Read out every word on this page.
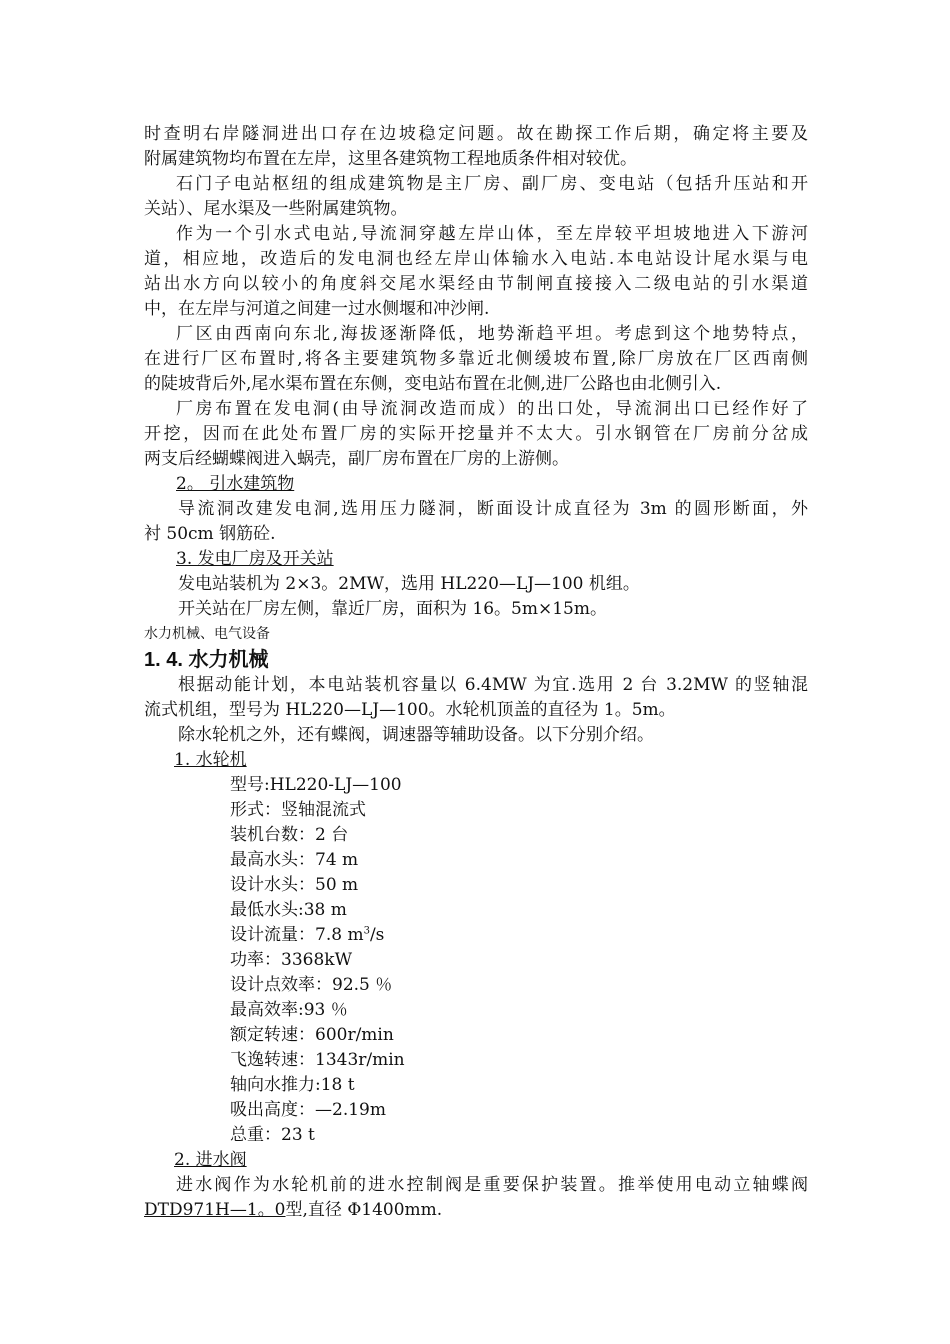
时查明右岸隧洞进出口存在边坡稳定问题。故在勘探工作后期，确定将主要及
附属建筑物均布置在左岸，这里各建筑物工程地质条件相对较优。

石门子电站枢纽的组成建筑物是主厂房、副厂房、变电站（包括升压站和开
关站）、尾水渠及一些附属建筑物。

作为一个引水式电站,导流洞穿越左岸山体，至左岸较平坦坡地进入下游河
道，相应地，改造后的发电洞也经左岸山体输水入电站.本电站设计尾水渠与电
站出水方向以较小的角度斜交尾水渠经由节制闸直接接入二级电站的引水渠道
中，在左岸与河道之间建一过水侧堰和冲沙闸.

厂区由西南向东北,海拔逐渐降低，地势渐趋平坦。考虑到这个地势特点，
在进行厂区布置时,将各主要建筑物多靠近北侧缓坡布置,除厂房放在厂区西南侧
的陡坡背后外,尾水渠布置在东侧，变电站布置在北侧,进厂公路也由北侧引入.

厂房布置在发电洞(由导流洞改造而成）的出口处，导流洞出口已经作好了
开挖，因而在此处布置厂房的实际开挖量并不太大。引水钢管在厂房前分岔成
两支后经蝴蝶阀进入蜗壳，副厂房布置在厂房的上游侧。

2。 引水建筑物

导流洞改建发电洞,选用压力隧洞，断面设计成直径为 3m 的圆形断面，外
衬 50cm 钢筋砼.

3. 发电厂房及开关站

发电站装机为 2×3。2MW，选用 HL220—LJ—100 机组。

开关站在厂房左侧，靠近厂房，面积为 16。5m×15m。

水力机械、电气设备

1. 4. 水力机械

根据动能计划，本电站装机容量以 6.4MW 为宜.选用 2 台 3.2MW 的竖轴混
流式机组，型号为 HL220—LJ—100。水轮机顶盖的直径为 1。5m。

除水轮机之外，还有蝶阀，调速器等辅助设备。以下分别介绍。

1. 水轮机

型号:HL220-LJ—100
形式：竖轴混流式
装机台数：2 台
最高水头：74 m
设计水头：50 m
最低水头:38 m
设计流量：7.8 $m^3/s$
功率：3368kW
设计点效率：92.5 ％
最高效率:93 ％
额定转速：600r/min
飞逸转速：1343r/min
轴向水推力:18 t
吸出高度：—2.19m
总重：23 t

2. 进水阀

进水阀作为水轮机前的进水控制阀是重要保护装置。推举使用电动立轴蝶阀
DTD971H—1。0型,直径 Φ1400mm.
